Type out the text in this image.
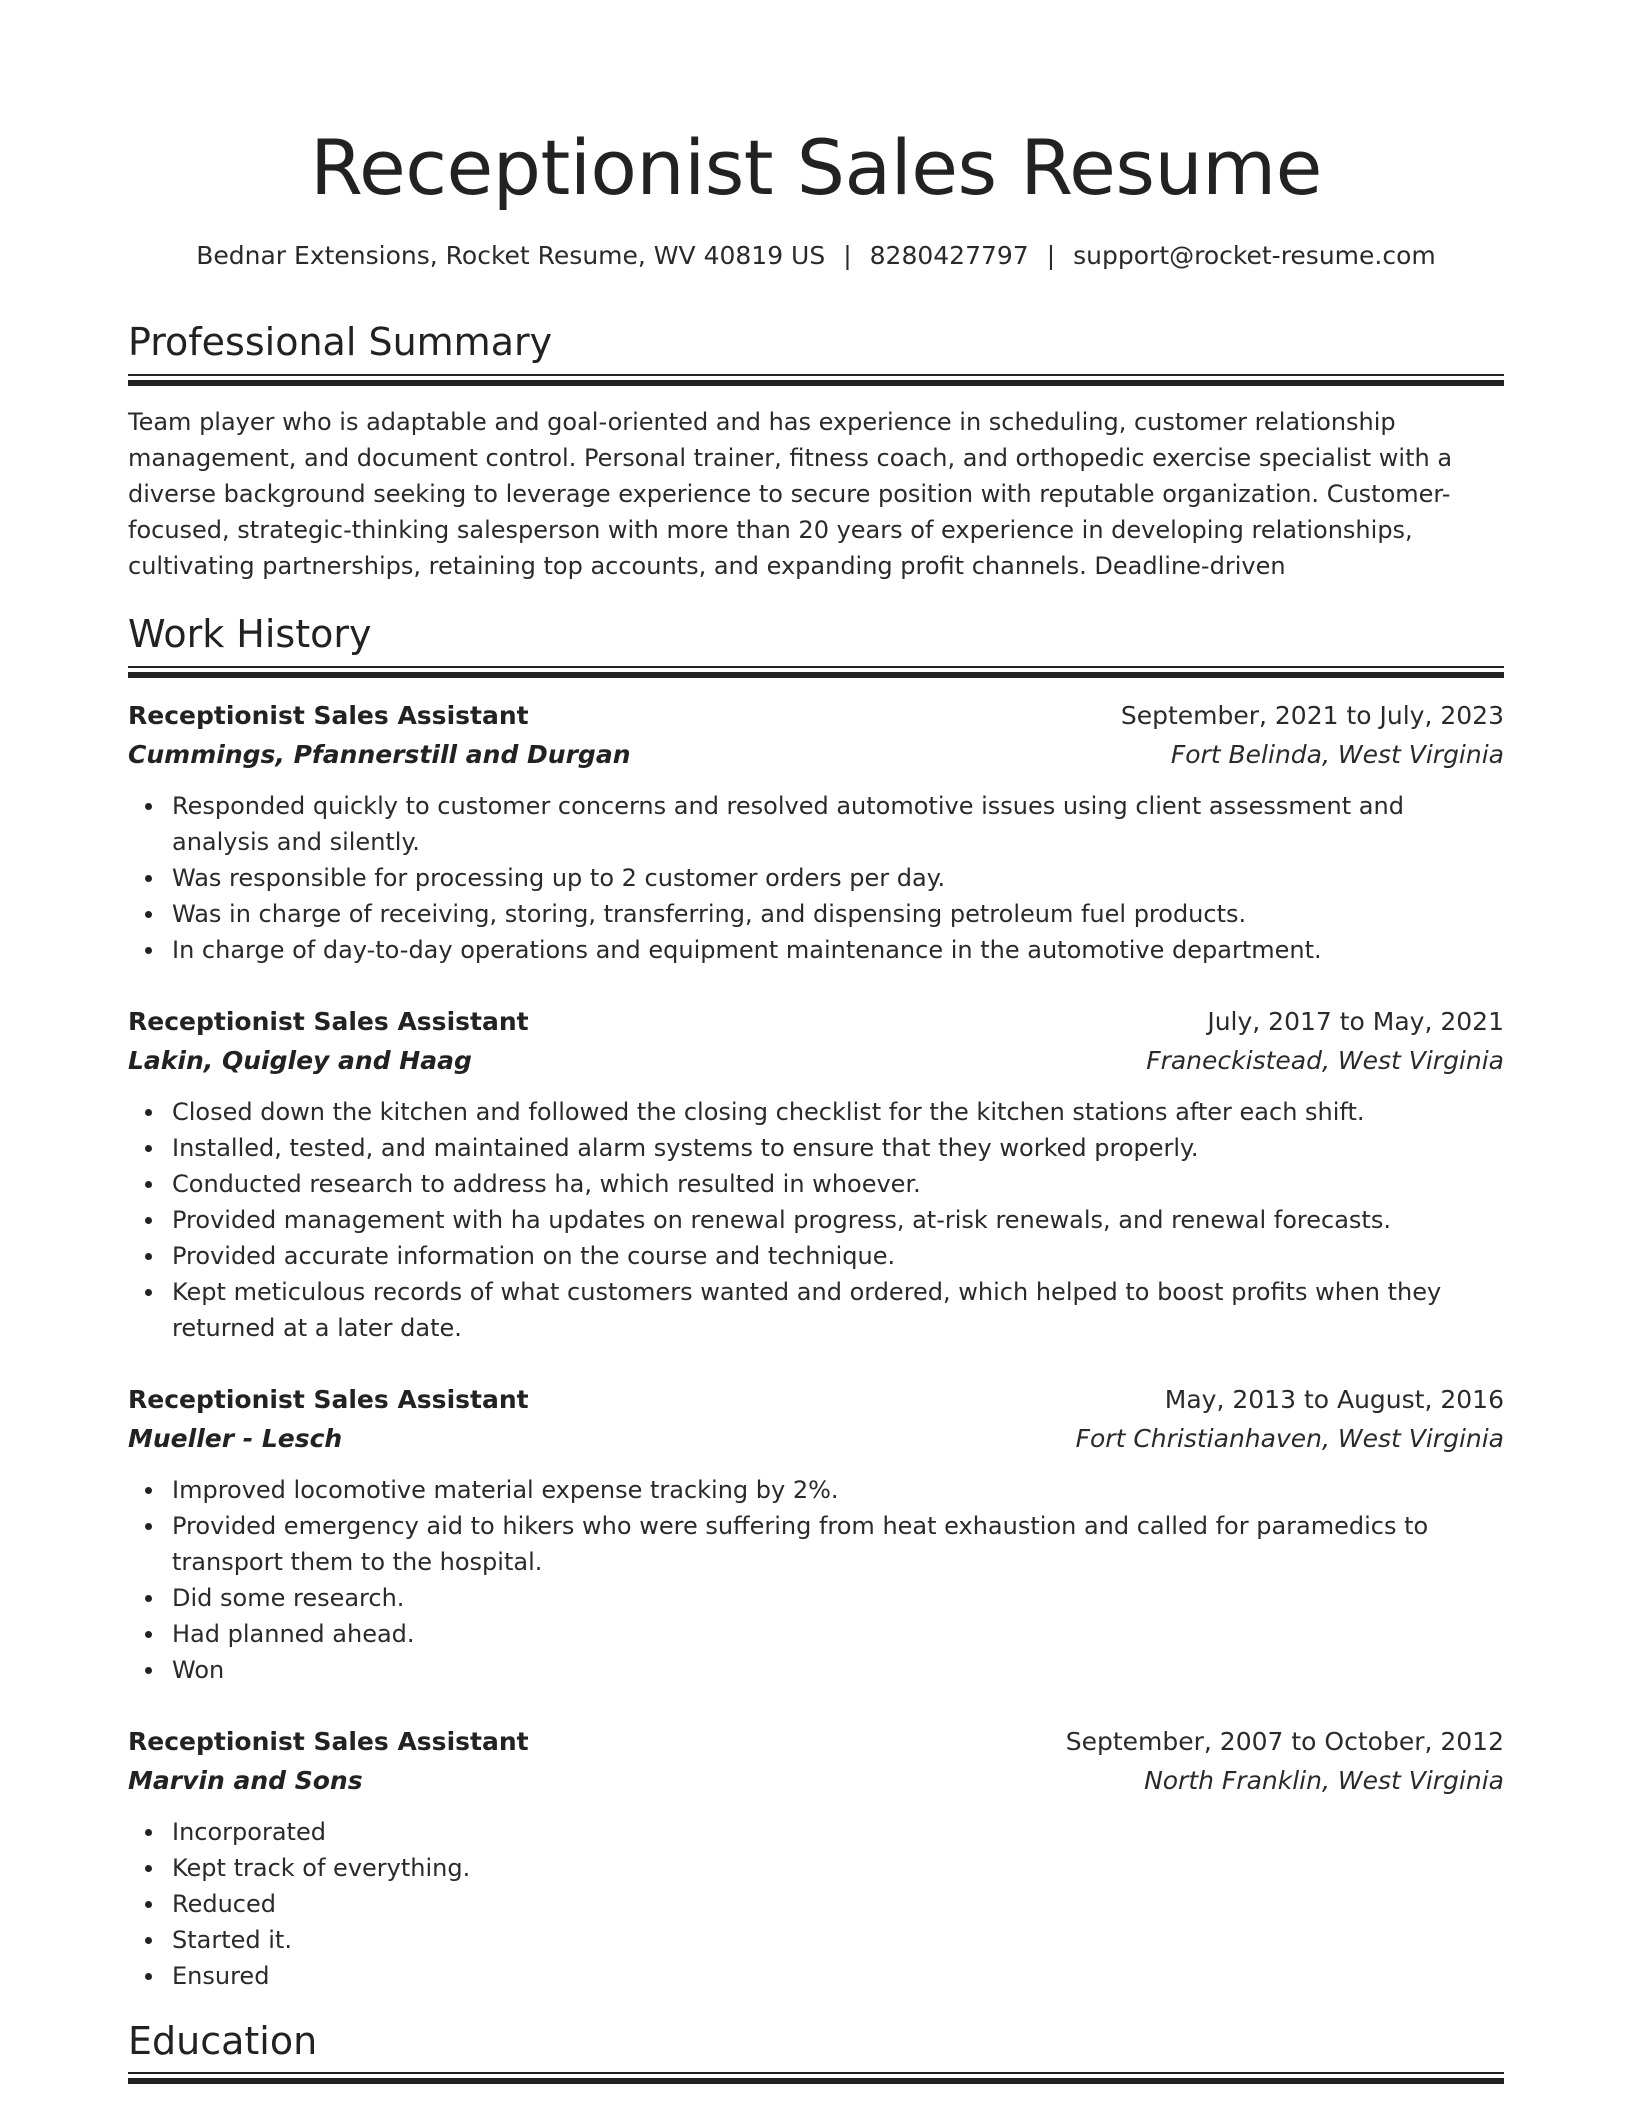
Receptionist Sales Resume
Bednar Extensions, Rocket Resume, WV 40819 US | 8280427797 | support@rocket-resume.com
Professional Summary

Team player who is adaptable and goal-oriented and has experience in scheduling, customer relationship management, and document control. Personal trainer, fitness coach, and orthopedic exercise specialist with a diverse background seeking to leverage experience to secure position with reputable organization. Customer-focused, strategic-thinking salesperson with more than 20 years of experience in developing relationships, cultivating partnerships, retaining top accounts, and expanding profit channels. Deadline-driven

Work History
Receptionist Sales Assistant	September, 2021 to July, 2023
Cummings, Pfannerstill and Durgan	Fort Belinda, West Virginia
Responded quickly to customer concerns and resolved automotive issues using client assessment and analysis and silently.
Was responsible for processing up to 2 customer orders per day.
Was in charge of receiving, storing, transferring, and dispensing petroleum fuel products.
In charge of day-to-day operations and equipment maintenance in the automotive department.
Receptionist Sales Assistant	July, 2017 to May, 2021
Lakin, Quigley and Haag	Franeckistead, West Virginia
Closed down the kitchen and followed the closing checklist for the kitchen stations after each shift.
Installed, tested, and maintained alarm systems to ensure that they worked properly.
Conducted research to address ha, which resulted in whoever.
Provided management with ha updates on renewal progress, at-risk renewals, and renewal forecasts.
Provided accurate information on the course and technique.
Kept meticulous records of what customers wanted and ordered, which helped to boost profits when they returned at a later date.
Receptionist Sales Assistant	May, 2013 to August, 2016
Mueller - Lesch	Fort Christianhaven, West Virginia
Improved locomotive material expense tracking by 2%.
Provided emergency aid to hikers who were suffering from heat exhaustion and called for paramedics to transport them to the hospital.
Did some research.
Had planned ahead.
Won
Receptionist Sales Assistant	September, 2007 to October, 2012
Marvin and Sons	North Franklin, West Virginia
Incorporated
Kept track of everything.
Reduced
Started it.
Ensured
Education
